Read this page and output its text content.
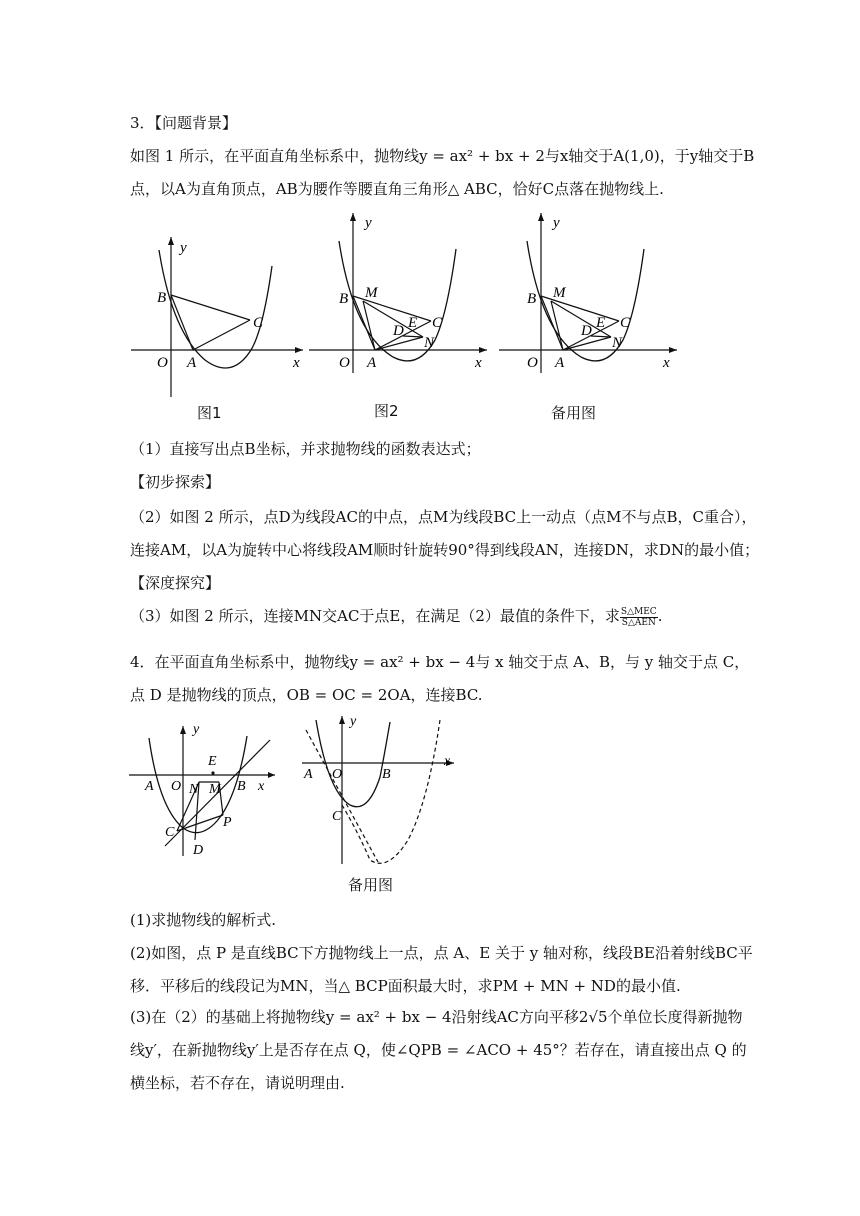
3．【问题背景】
如图 1 所示，在平面直角坐标系中，抛物线y = ax² + bx + 2与x轴交于A(1,0)，于y轴交于B
点，以A为直角顶点，AB为腰作等腰直角三角形△ ABC，恰好C点落在抛物线上.
y
B
C
O A	x
图1
y
B M
E
D C
N
O A	x
图2
y
B M
E
D C
N
O A	x
备用图
（1）直接写出点B坐标，并求抛物线的函数表达式；
【初步探索】
（2）如图 2 所示，点D为线段AC的中点，点M为线段BC上一动点（点M不与点B，C重合），
连接AM，以A为旋转中心将线段AM顺时针旋转90°得到线段AN，连接DN，求DN的最小值；
【深度探究】
（3）如图 2 所示，连接MN交AC于点E，在满足（2）最值的条件下，求 $\frac{\text{S△MEC}}{\text{S△AEN}}$ .
4．在平面直角坐标系中，抛物线y = ax² + bx − 4与 x 轴交于点 A、B，与 y 轴交于点 C，
点 D 是抛物线的顶点，OB = OC = 2OA，连接BC.
y
E
A O N M B x
C
P
D
y
A O	B
x
C
备用图
(1)求抛物线的解析式.
(2)如图，点 P 是直线BC下方抛物线上一点，点 A、E 关于 y 轴对称，线段BE沿着射线BC平
移．平移后的线段记为MN，当△ BCP面积最大时，求PM + MN + ND的最小值.
(3)在（2）的基础上将抛物线y = ax² + bx − 4沿射线AC方向平移2√5个单位长度得新抛物
线y′，在新抛物线y′上是否存在点 Q，使∠QPB = ∠ACO + 45°？若存在，请直接出点 Q 的
横坐标，若不存在，请说明理由.
